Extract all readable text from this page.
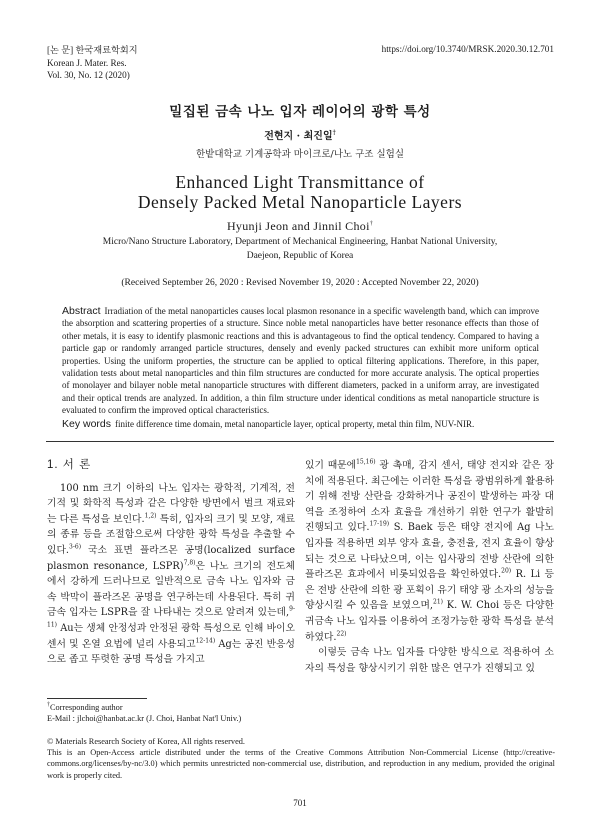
[논 문] 한국재료학회지
Korean J. Mater. Res.
Vol. 30, No. 12 (2020)
https://doi.org/10.3740/MRSK.2020.30.12.701
밀집된 금속 나노 입자 레이어의 광학 특성
전현지 · 최진일†
한밭대학교 기계공학과 마이크로/나노 구조 실험실
Enhanced Light Transmittance of
Densely Packed Metal Nanoparticle Layers
Hyunji Jeon and Jinnil Choi†
Micro/Nano Structure Laboratory, Department of Mechanical Engineering, Hanbat National University,
Daejeon, Republic of Korea
(Received September 26, 2020 : Revised November 19, 2020 : Accepted November 22, 2020)
Abstract Irradiation of the metal nanoparticles causes local plasmon resonance in a specific wavelength band, which can improve the absorption and scattering properties of a structure. Since noble metal nanoparticles have better resonance effects than those of other metals, it is easy to identify plasmonic reactions and this is advantageous to find the optical tendency. Compared to having a particle gap or randomly arranged particle structures, densely and evenly packed structures can exhibit more uniform optical properties. Using the uniform properties, the structure can be applied to optical filtering applications. Therefore, in this paper, validation tests about metal nanoparticles and thin film structures are conducted for more accurate analysis. The optical properties of monolayer and bilayer noble metal nanoparticle structures with different diameters, packed in a uniform array, are investigated and their optical trends are analyzed. In addition, a thin film structure under identical conditions as metal nanoparticle structure is evaluated to confirm the improved optical characteristics.
Key words finite difference time domain, metal nanoparticle layer, optical property, metal thin film, NUV-NIR.
1. 서 론
100 nm 크기 이하의 나노 입자는 광학적, 기계적, 전기적 및 화학적 특성과 같은 다양한 방면에서 벌크 재료와는 다른 특성을 보인다.$^{1,2)}$ 특히, 입자의 크기 및 모양, 재료의 종류 등을 조절함으로써 다양한 광학 특성을 추출할 수 있다.$^{3-6)}$ 국소 표면 플라즈몬 공명(localized surface plasmon resonance, LSPR)$^{7,8)}$은 나노 크기의 전도체에서 강하게 드러나므로 일반적으로 금속 나노 입자와 금속 박막이 플라즈몬 공명을 연구하는데 사용된다. 특히 귀금속 입자는 LSPR을 잘 나타내는 것으로 알려져 있는데,$^{9-11)}$ Au는 생체 안정성과 안정된 광학 특성으로 인해 바이오 센서 및 온열 요법에 널리 사용되고$^{12-14)}$ Ag는 공진 반응성으로 좁고 뚜렷한 공명 특성을 가지고
있기 때문에$^{15,16)}$ 광 촉매, 감지 센서, 태양 전지와 같은 장치에 적용된다. 최근에는 이러한 특성을 광범위하게 활용하기 위해 전방 산란을 강화하거나 공진이 발생하는 파장 대역을 조정하여 소자 효율을 개선하기 위한 연구가 활발히 진행되고 있다.$^{17-19)}$ S. Baek 등은 태양 전지에 Ag 나노 입자를 적용하면 외부 양자 효율, 충전율, 전지 효율이 향상되는 것으로 나타났으며, 이는 입사광의 전방 산란에 의한 플라즈몬 효과에서 비롯되었음을 확인하였다.$^{20)}$ R. Li 등은 전방 산란에 의한 광 포획이 유기 태양 광 소자의 성능을 향상시킬 수 있음을 보였으며,$^{21)}$ K. W. Choi 등은 다양한 귀금속 나노 입자를 이용하여 조정가능한 광학 특성을 분석하였다.$^{22)}$
이렇듯 금속 나노 입자를 다양한 방식으로 적용하여 소자의 특성을 향상시키기 위한 많은 연구가 진행되고 있
†Corresponding author
E-Mail : jlchoi@hanbat.ac.kr (J. Choi, Hanbat Nat'l Univ.)
© Materials Research Society of Korea, All rights reserved.
This is an Open-Access article distributed under the terms of the Creative Commons Attribution Non-Commercial License (http://creative-commons.org/licenses/by-nc/3.0) which permits unrestricted non-commercial use, distribution, and reproduction in any medium, provided the original work is properly cited.
701
